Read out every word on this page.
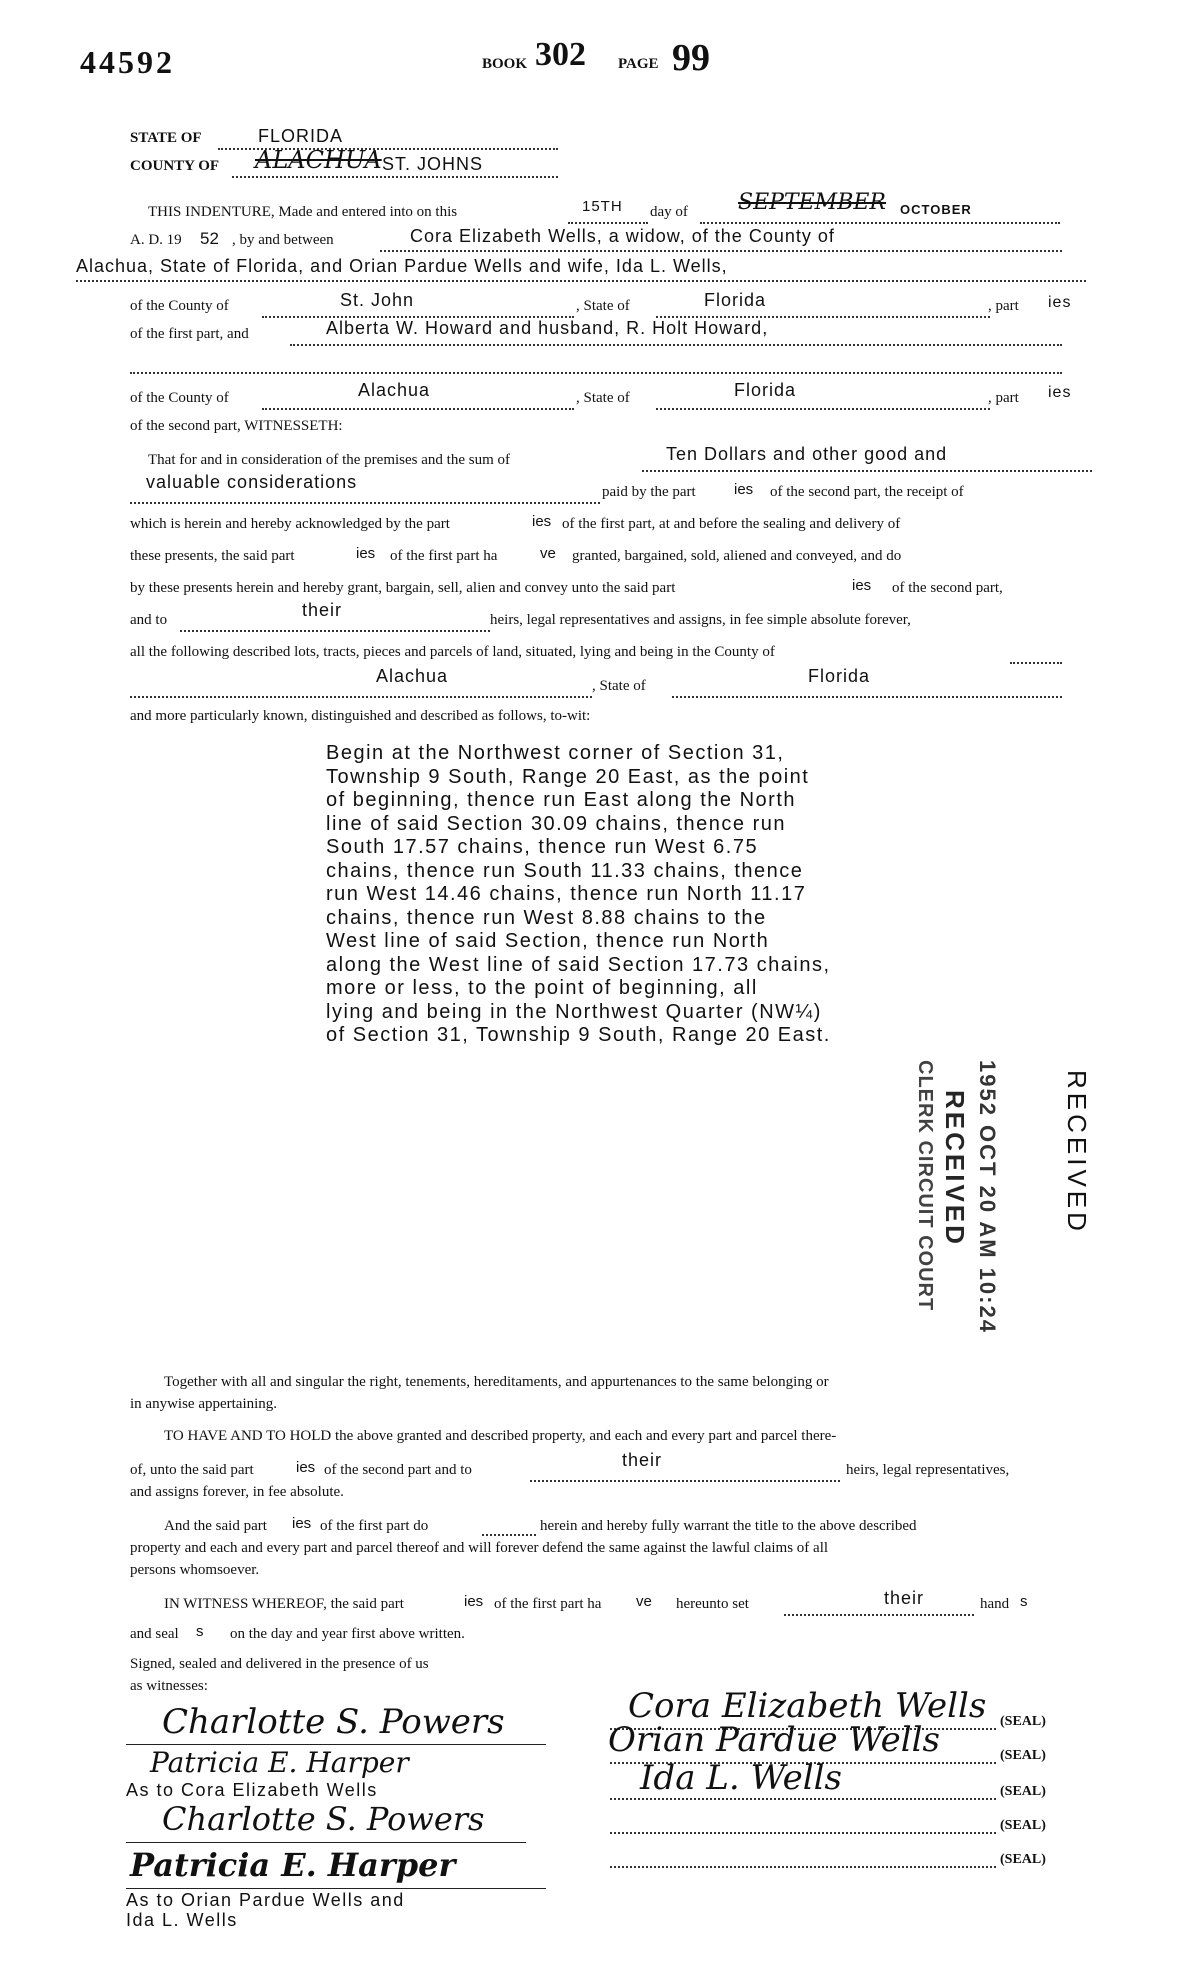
44592	BOOK 302 PAGE 99
STATE OF	FLORIDA
COUNTY OF ALACHUA ST. JOHNS
THIS INDENTURE, Made and entered into on this	15TH day of SEPTEMBER OCTOBER
A. D. 19 52 , by and between	Cora Elizabeth Wells, a widow, of the County of
Alachua, State of Florida, and Orian Pardue Wells and wife, Ida L. Wells,
of the County of	St. John	, State of	Florida	, part ies
of the first part, and	Alberta W. Howard and husband, R. Holt Howard,
of the County of	Alachua	, State of	Florida	, part ies
of the second part, WITNESSETH:
That for and in consideration of the premises and the sum of	Ten Dollars and other good and
valuable considerations	paid by the part	ies of the second part, the receipt of
which is herein and hereby acknowledged by the part	ies of the first part, at and before the sealing and delivery of
these presents, the said part	ies of the first part ha	ve granted, bargained, sold, aliened and conveyed, and do
by these presents herein and hereby grant, bargain, sell, alien and convey unto the said part	ies of the second part,
and to	their	heirs, legal representatives and assigns, in fee simple absolute forever,
all the following described lots, tracts, pieces and parcels of land, situated, lying and being in the County of
Alachua	, State of	Florida
and more particularly known, distinguished and described as follows, to-wit:
Begin at the Northwest corner of Section 31,
Township 9 South, Range 20 East, as the point
of beginning, thence run East along the North
line of said Section 30.09 chains, thence run
South 17.57 chains, thence run West 6.75
chains, thence run South 11.33 chains, thence
run West 14.46 chains, thence run North 11.17
chains, thence run West 8.88 chains to the
West line of said Section, thence run North
along the West line of said Section 17.73 chains,
more or less, to the point of beginning, all
lying and being in the Northwest Quarter (NW¼)
of Section 31, Township 9 South, Range 20 East.
RECEIVED
1952 OCT 20 AM 10:24
RECEIVED
CLERK CIRCUIT COURT
Together with all and singular the right, tenements, hereditaments, and appurtenances to the same belonging or
in anywise appertaining.
TO HAVE AND TO HOLD the above granted and described property, and each and every part and parcel there-
of, unto the said part	ies of the second part and to	their	heirs, legal representatives,
and assigns forever, in fee absolute.
And the said part ies of the first part do	herein and hereby fully warrant the title to the above described
property and each and every part and parcel thereof and will forever defend the same against the lawful claims of all
persons whomsoever.
IN WITNESS WHEREOF, the said part	ies of the first part ha ve hereunto set	their	hand s
and seal s on the day and year first above written.
Signed, sealed and delivered in the presence of us
as witnesses:
Charlotte S. Powers
Patricia E. Harper
As to Cora Elizabeth Wells
Charlotte S. Powers
Patricia E. Harper
As to Orian Pardue Wells and
Ida L. Wells
Cora Elizabeth Wells (SEAL)
Orian Pardue Wells	(SEAL)
Ida L. Wells	(SEAL)
(SEAL)
(SEAL)
